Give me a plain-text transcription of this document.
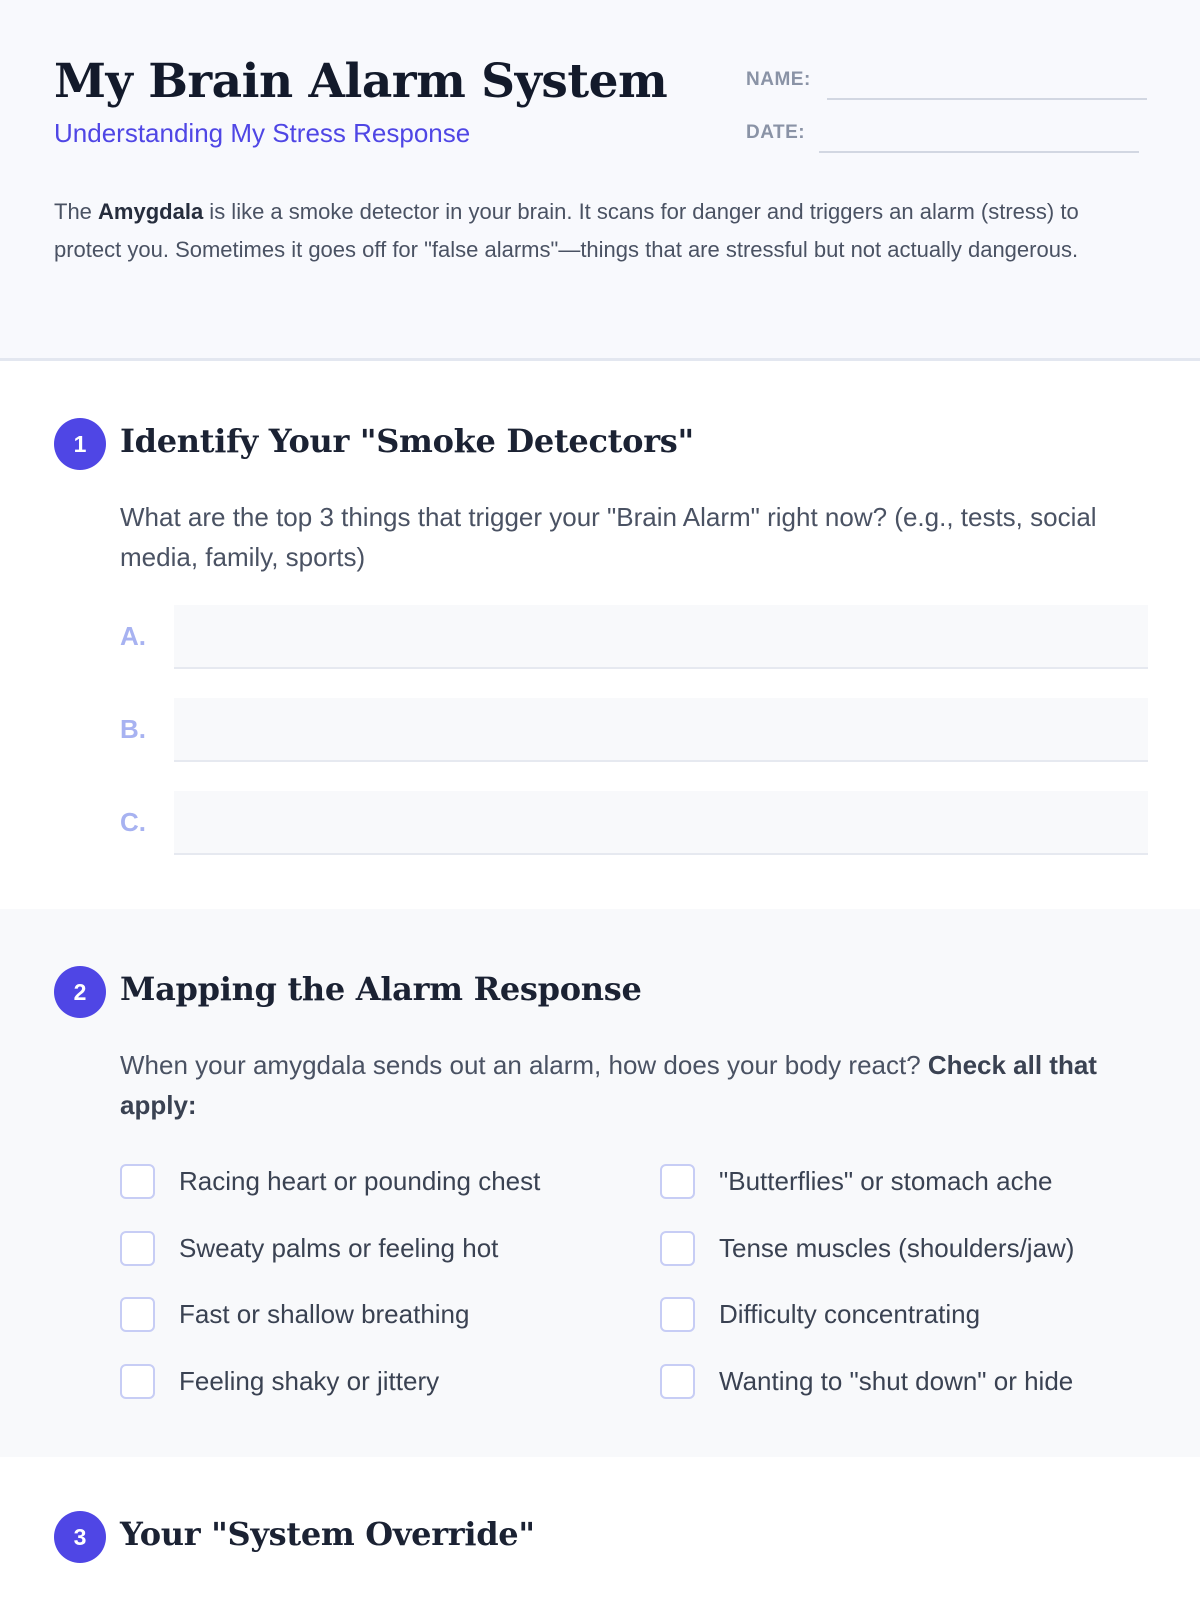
My Brain Alarm System
Understanding My Stress Response
NAME:
DATE:

The Amygdala is like a smoke detector in your brain. It scans for danger and triggers an alarm (stress) to protect you. Sometimes it goes off for "false alarms"—things that are stressful but not actually dangerous.

1	Identify Your "Smoke Detectors"

What are the top 3 things that trigger your "Brain Alarm" right now? (e.g., tests, social media, family, sports)

A.
B.
C.
2	Mapping the Alarm Response

When your amygdala sends out an alarm, how does your body react? Check all that apply:

Racing heart or pounding chest	"Butterflies" or stomach ache
Sweaty palms or feeling hot	Tense muscles (shoulders/jaw)
Fast or shallow breathing	Difficulty concentrating
Feeling shaky or jittery	Wanting to "shut down" or hide
3	Your "System Override"
